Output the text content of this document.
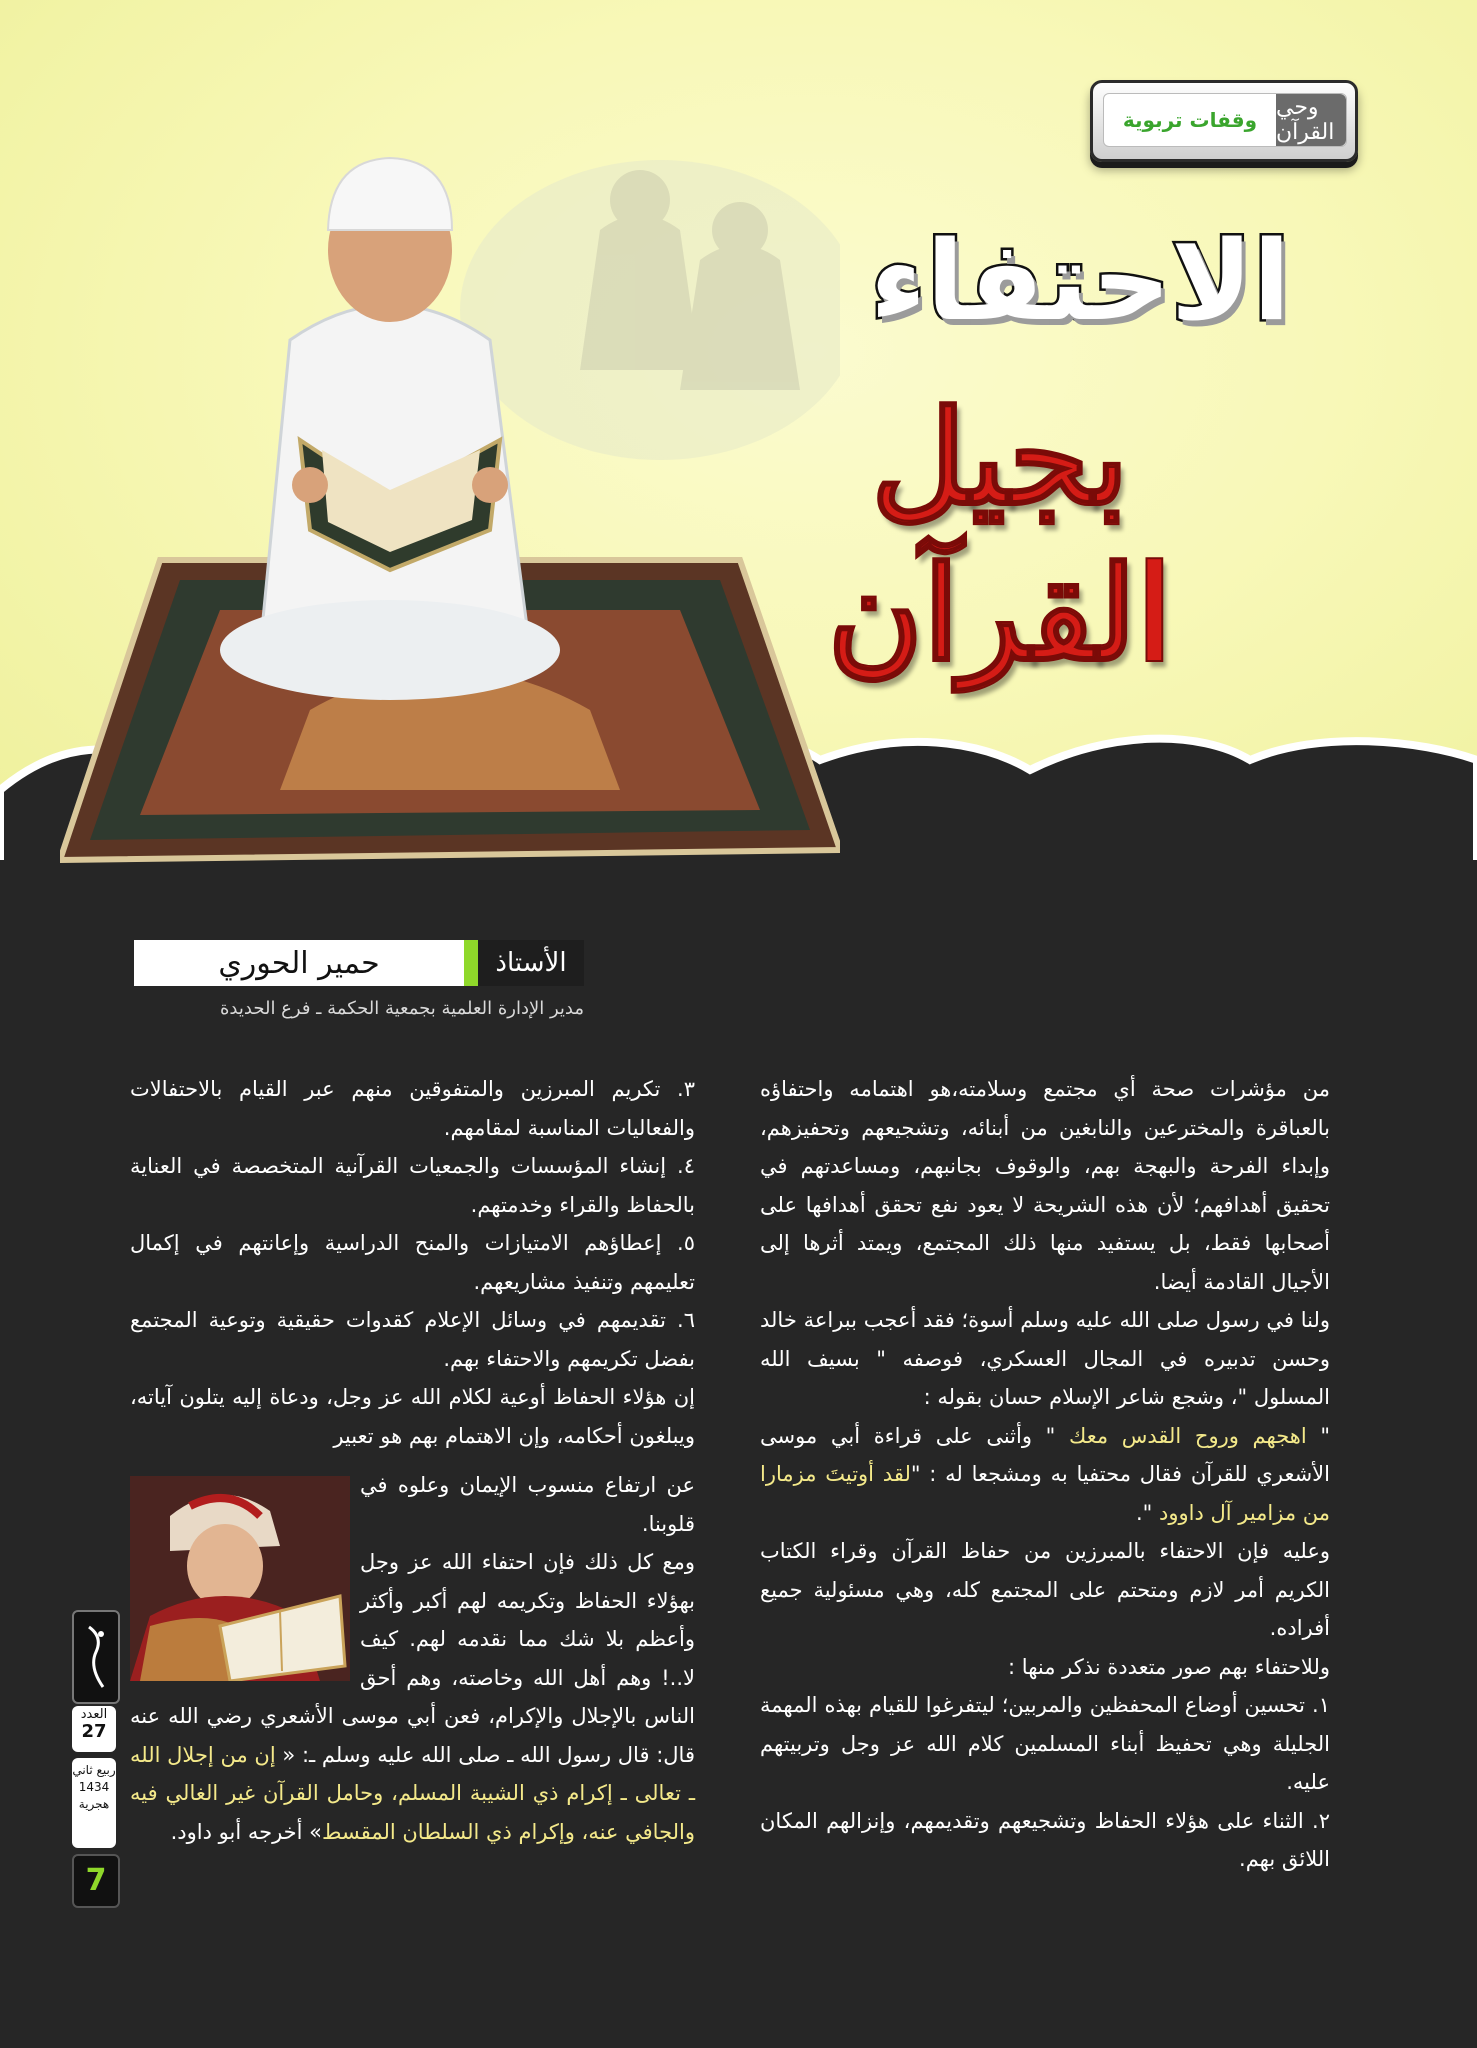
وقفات تربوية وحي القرآن
الاحتفاء
بجيل القرآن
حمير الحوري	الأستاذ
مدير الإدارة العلمية بجمعية الحكمة ـ فرع الحديدة

من مؤشرات صحة أي مجتمع وسلامته،هو اهتمامه واحتفاؤه بالعباقرة والمخترعين والنابغين من أبنائه، وتشجيعهم وتحفيزهم، وإبداء الفرحة والبهجة بهم، والوقوف بجانبهم، ومساعدتهم في تحقيق أهدافهم؛ لأن هذه الشريحة لا يعود نفع تحقق أهدافها على أصحابها فقط، بل يستفيد منها ذلك المجتمع، ويمتد أثرها إلى الأجيال القادمة أيضا.

ولنا في رسول صلى الله عليه وسلم أسوة؛ فقد أعجب ببراعة خالد وحسن تدبيره في المجال العسكري، فوصفه " بسيف الله المسلول "، وشجع شاعر الإسلام حسان بقوله :

" اهجهم وروح القدس معك " وأثنى على قراءة أبي موسى الأشعري للقرآن فقال محتفيا به ومشجعا له : "لقد أوتيتَ مزمارا من مزامير آل داوود ".

وعليه فإن الاحتفاء بالمبرزين من حفاظ القرآن وقراء الكتاب الكريم أمر لازم ومتحتم على المجتمع كله، وهي مسئولية جميع أفراده.

وللاحتفاء بهم صور متعددة نذكر منها :

١. تحسين أوضاع المحفظين والمربين؛ ليتفرغوا للقيام بهذه المهمة الجليلة وهي تحفيظ أبناء المسلمين كلام الله عز وجل وتربيتهم عليه.

٢. الثناء على هؤلاء الحفاظ وتشجيعهم وتقديمهم، وإنزالهم المكان اللائق بهم.

٣. تكريم المبرزين والمتفوقين منهم عبر القيام بالاحتفالات والفعاليات المناسبة لمقامهم.

٤. إنشاء المؤسسات والجمعيات القرآنية المتخصصة في العناية بالحفاظ والقراء وخدمتهم.

٥. إعطاؤهم الامتيازات والمنح الدراسية وإعانتهم في إكمال تعليمهم وتنفيذ مشاريعهم.

٦. تقديمهم في وسائل الإعلام كقدوات حقيقية وتوعية المجتمع بفضل تكريمهم والاحتفاء بهم.

إن هؤلاء الحفاظ أوعية لكلام الله عز وجل، ودعاة إليه يتلون آياته، ويبلغون أحكامه، وإن الاهتمام بهم هو تعبير

عن ارتفاع منسوب الإيمان وعلوه في قلوبنا.

ومع كل ذلك فإن احتفاء الله عز وجل بهؤلاء الحفاظ وتكريمه لهم أكبر وأكثر وأعظم بلا شك مما نقدمه لهم. كيف لا..! وهم أهل الله وخاصته، وهم أحق الناس بالإجلال والإكرام، فعن أبي موسى الأشعري رضي الله عنه قال: قال رسول الله ـ صلى الله عليه وسلم ـ: « إن من إجلال الله ـ تعالى ـ إكرام ذي الشيبة المسلم، وحامل القرآن غير الغالي فيه والجافي عنه، وإكرام ذي السلطان المقسط» أخرجه أبو داود.

العدد
27
ربيع ثاني
1434
هجرية
7
